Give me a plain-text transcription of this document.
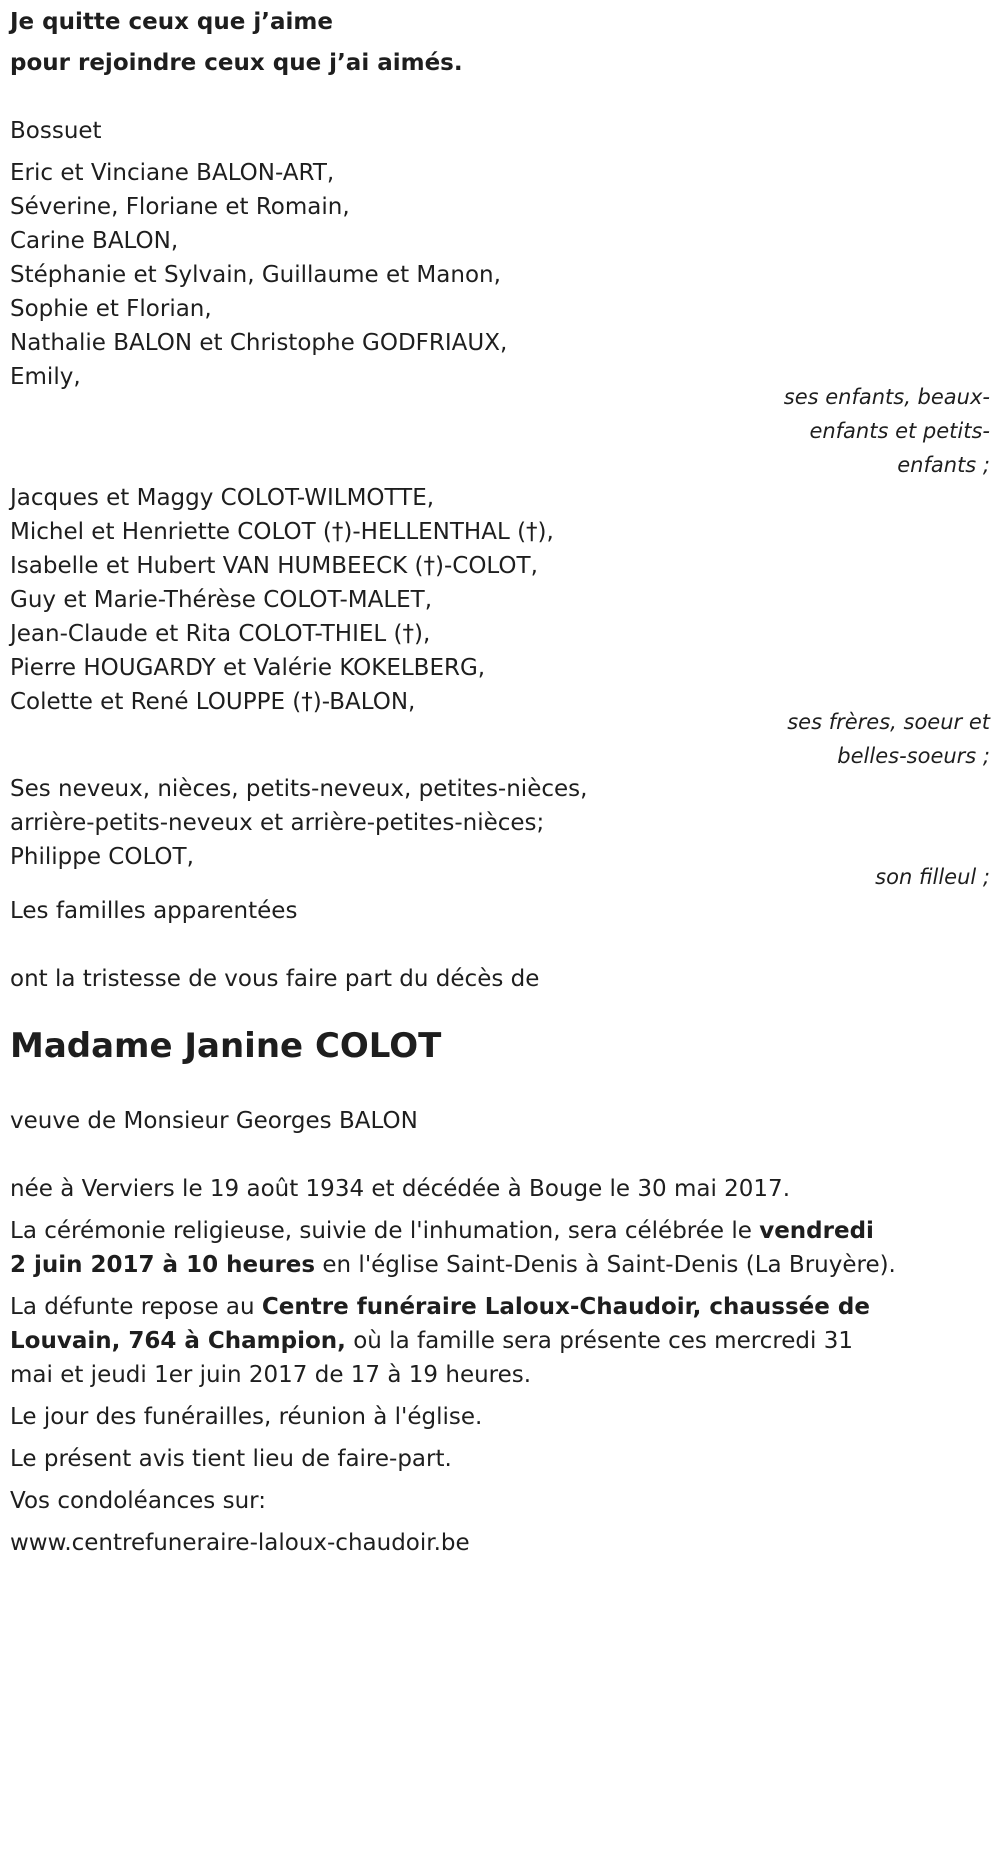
Je quitte ceux que j’aime
pour rejoindre ceux que j’ai aimés.
Bossuet
Eric et Vinciane BALON-ART,
Séverine, Floriane et Romain,
Carine BALON,
Stéphanie et Sylvain, Guillaume et Manon,
Sophie et Florian,
Nathalie BALON et Christophe GODFRIAUX,
Emily,
ses enfants, beaux-
enfants et petits-
enfants ;
Jacques et Maggy COLOT-WILMOTTE,
Michel et Henriette COLOT (†)-HELLENTHAL (†),
Isabelle et Hubert VAN HUMBEECK (†)-COLOT,
Guy et Marie-Thérèse COLOT-MALET,
Jean-Claude et Rita COLOT-THIEL (†),
Pierre HOUGARDY et Valérie KOKELBERG,
Colette et René LOUPPE (†)-BALON,
ses frères, soeur et
belles-soeurs ;
Ses neveux, nièces, petits-neveux, petites-nièces,
arrière-petits-neveux et arrière-petites-nièces;
Philippe COLOT,
son filleul ;
Les familles apparentées
ont la tristesse de vous faire part du décès de
Madame Janine COLOT
veuve de Monsieur Georges BALON
née à Verviers le 19 août 1934 et décédée à Bouge le 30 mai 2017.
La cérémonie religieuse, suivie de l'inhumation, sera célébrée le vendredi
2 juin 2017 à 10 heures en l'église Saint-Denis à Saint-Denis (La Bruyère).
La défunte repose au Centre funéraire Laloux-Chaudoir, chaussée de
Louvain, 764 à Champion, où la famille sera présente ces mercredi 31
mai et jeudi 1er juin 2017 de 17 à 19 heures.
Le jour des funérailles, réunion à l'église.
Le présent avis tient lieu de faire-part.
Vos condoléances sur:
www.centrefuneraire-laloux-chaudoir.be
